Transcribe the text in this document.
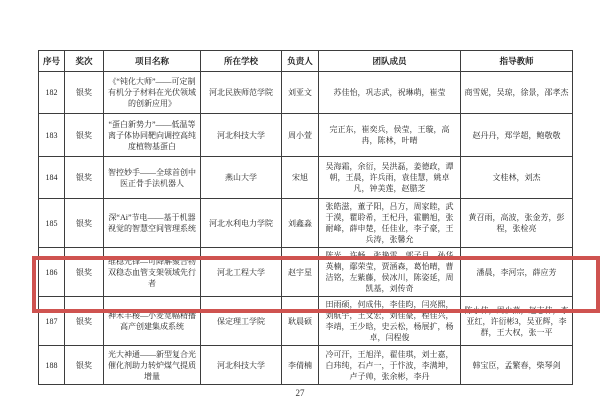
序号	奖次	项目名称	所在学校	负责人	团队成员	指导教师
182	银奖	《“钝化大师”——可定制有机分子材料在光伏领域的创新应用》	河北民族师范学院	刘亚文	苏佳怡，巩志武，祝琳萌，崔莹	商雪妮，吴琼，徐景，邵孝杰
183	银奖	“蛋白新势力”——低温等离子体协同靶向调控高纯度植物基蛋白	河北科技大学	周小萱	完正东，崔奕兵，侯莹，王璇，高冉，陈林，叶晴	赵丹丹，郑学超，鲍敬敬
184	银奖	智控妙手——全球首创中医正骨手法机器人	燕山大学	宋旭	吴海霜，余衍，吴洪磊，姜德政，谭朝，王晨，许兵雨，袁佳慧，姚卓凡，钟美莲，赵腊芝	文桂林，刘杰
185	银奖	深“Ai”节电——基于机器视觉的智慧空间管理系统	河北水利电力学院	刘鑫淼	张皓滋，董子阳，吕方，周家睦，武于漠，瞿聆希，王杞丹，霍鹏旭，张耐峰，薛申楚，任佳业，李子豪，王兵涛，张馨允	黄召雨，高波，张金芳，彭程，张检亮
186	银奖	维稳先锋—可降解聚合物双稳态血管支架领域先行者	河北工程大学	赵宇星	陈光，许畅，张艳雷，郭子月，孙华英楠，鄢荣莹，贾涵森，葛怡晴，曹洁铭，左紫藤，侯冰川，陈姿延，周凯基，刘传奇	潘晨，李河宗，薛应芳
187	银奖	神禾丰稷—小麦宽幅精播高产创建集成系统	保定理工学院	耿晨硕	田雨硕，何成伟，李佳昀，闫亮熙，刘航宇，王文宏，刘佳豪，程佳兴，李靖，王少晗，史云松，杨展扩，杨卓，闫程俊	陈小伟，周少燕，赵志伟，李亚红，许衍彬3，吴亚辉，李群，王大权，张一平
188	银奖	光大神通——新型复合光催化剂助力转炉煤气提质增量	河北科技大学	李倩楠	冷可汗，王旭洋，翟佳琪，刘士嘉，白玮纯，石卢一，于忭波，李满坤，卢子帅，张余彬，李丹	韩宝臣，孟繁春，柴琴剑
27
